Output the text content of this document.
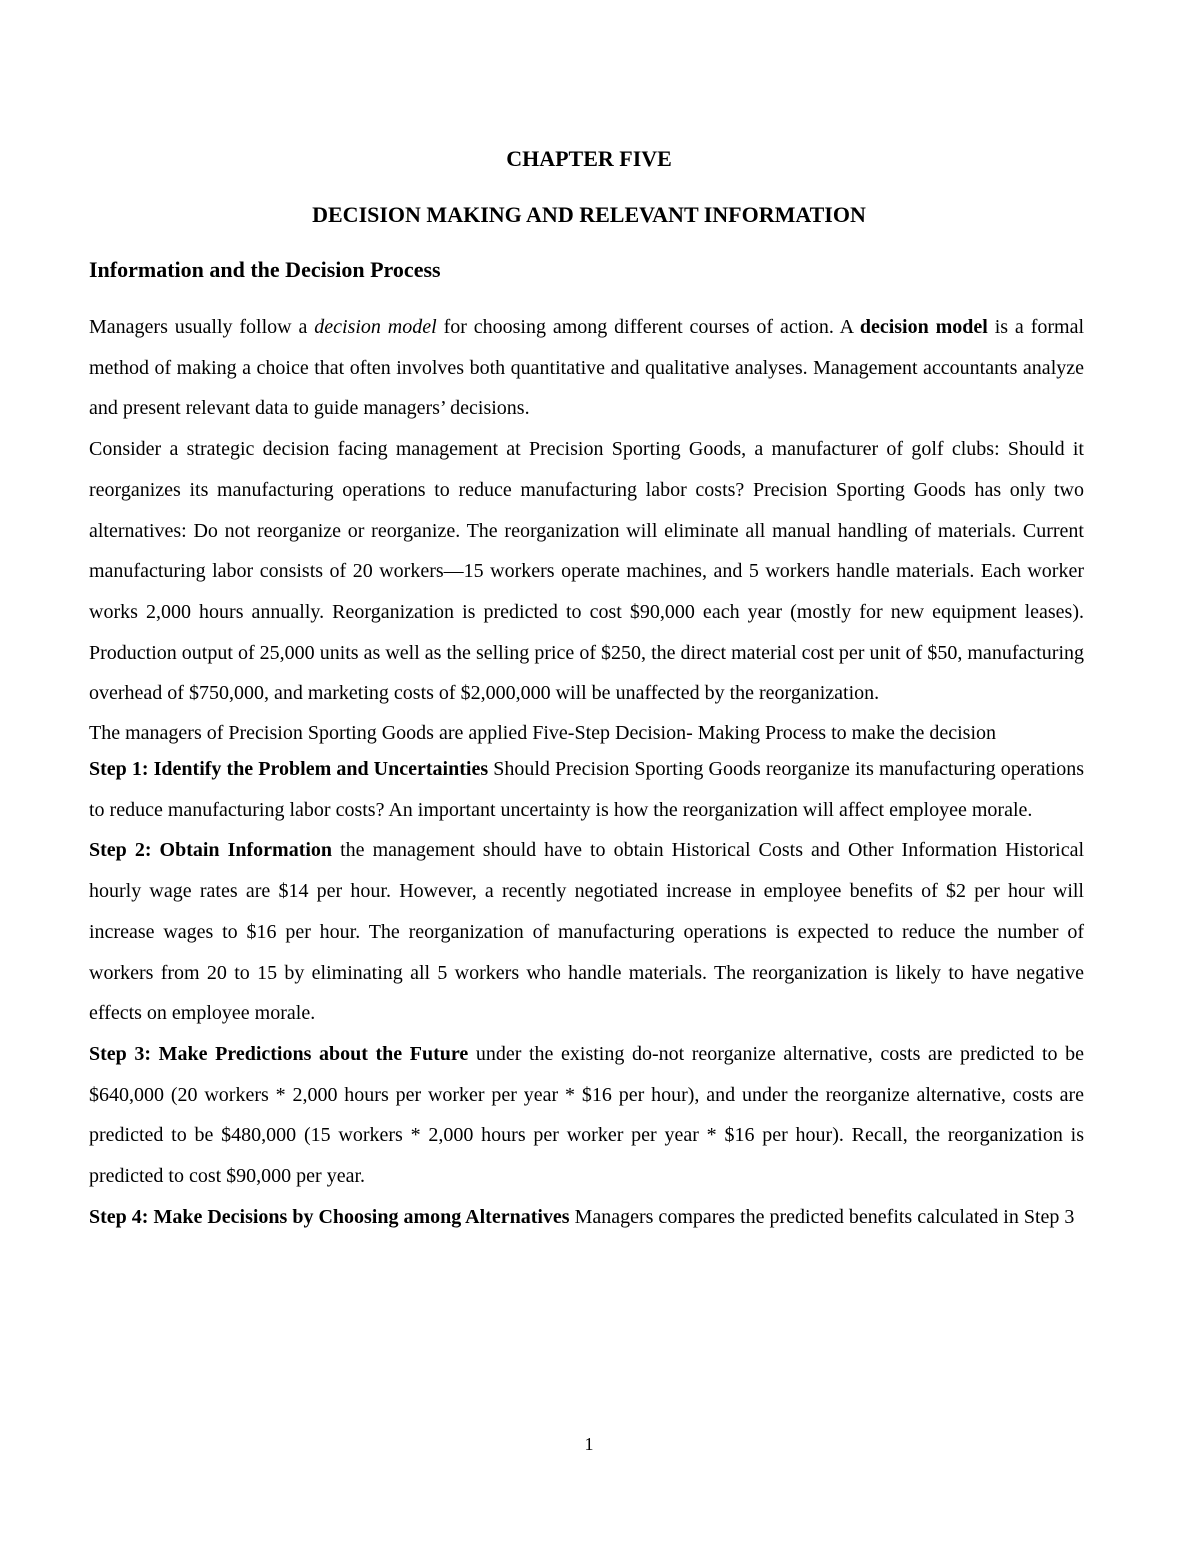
CHAPTER FIVE
DECISION MAKING AND RELEVANT INFORMATION
Information and the Decision Process

Managers usually follow a decision model for choosing among different courses of action. A decision model is a formal method of making a choice that often involves both quantitative and qualitative analyses. Management accountants analyze and present relevant data to guide managers’ decisions.

Consider a strategic decision facing management at Precision Sporting Goods, a manufacturer of golf clubs: Should it reorganizes its manufacturing operations to reduce manufacturing labor costs? Precision Sporting Goods has only two alternatives: Do not reorganize or reorganize. The reorganization will eliminate all manual handling of materials. Current manufacturing labor consists of 20 workers—15 workers operate machines, and 5 workers handle materials. Each worker works 2,000 hours annually. Reorganization is predicted to cost $90,000 each year (mostly for new equipment leases). Production output of 25,000 units as well as the selling price of $250, the direct material cost per unit of $50, manufacturing overhead of $750,000, and marketing costs of $2,000,000 will be unaffected by the reorganization.

The managers of Precision Sporting Goods are applied Five-Step Decision- Making Process to make the decision

Step 1: Identify the Problem and Uncertainties Should Precision Sporting Goods reorganize its manufacturing operations to reduce manufacturing labor costs? An important uncertainty is how the reorganization will affect employee morale.

Step 2: Obtain Information the management should have to obtain Historical Costs and Other Information Historical hourly wage rates are $14 per hour. However, a recently negotiated increase in employee benefits of $2 per hour will increase wages to $16 per hour. The reorganization of manufacturing operations is expected to reduce the number of workers from 20 to 15 by eliminating all 5 workers who handle materials. The reorganization is likely to have negative effects on employee morale.

Step 3: Make Predictions about the Future under the existing do-not reorganize alternative, costs are predicted to be $640,000 (20 workers * 2,000 hours per worker per year * $16 per hour), and under the reorganize alternative, costs are predicted to be $480,000 (15 workers * 2,000 hours per worker per year * $16 per hour). Recall, the reorganization is predicted to cost $90,000 per year.

Step 4: Make Decisions by Choosing among Alternatives Managers compares the predicted benefits calculated in Step 3

1
